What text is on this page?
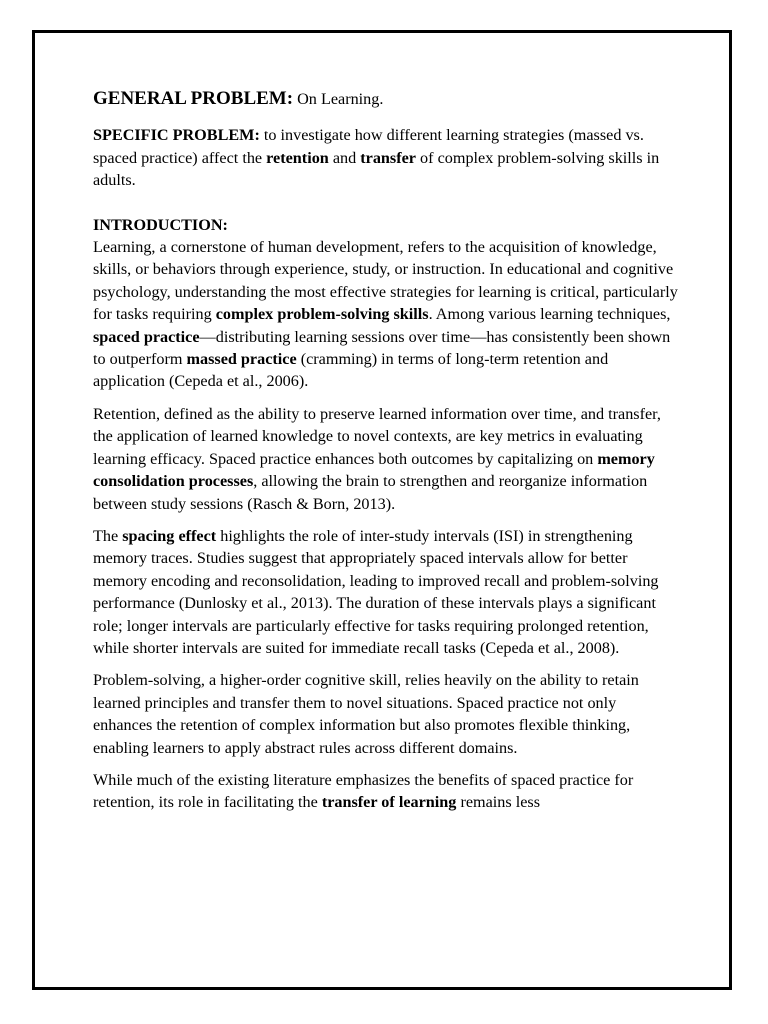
GENERAL PROBLEM: On Learning.

SPECIFIC PROBLEM: to investigate how different learning strategies (massed vs. spaced practice) affect the retention and transfer of complex problem-solving skills in adults.

INTRODUCTION:

Learning, a cornerstone of human development, refers to the acquisition of knowledge, skills, or behaviors through experience, study, or instruction. In educational and cognitive psychology, understanding the most effective strategies for learning is critical, particularly for tasks requiring complex problem-solving skills. Among various learning techniques, spaced practice—distributing learning sessions over time—has consistently been shown to outperform massed practice (cramming) in terms of long-term retention and application (Cepeda et al., 2006).

Retention, defined as the ability to preserve learned information over time, and transfer, the application of learned knowledge to novel contexts, are key metrics in evaluating learning efficacy. Spaced practice enhances both outcomes by capitalizing on memory consolidation processes, allowing the brain to strengthen and reorganize information between study sessions (Rasch & Born, 2013).

The spacing effect highlights the role of inter-study intervals (ISI) in strengthening memory traces. Studies suggest that appropriately spaced intervals allow for better memory encoding and reconsolidation, leading to improved recall and problem-solving performance (Dunlosky et al., 2013). The duration of these intervals plays a significant role; longer intervals are particularly effective for tasks requiring prolonged retention, while shorter intervals are suited for immediate recall tasks (Cepeda et al., 2008).

Problem-solving, a higher-order cognitive skill, relies heavily on the ability to retain learned principles and transfer them to novel situations. Spaced practice not only enhances the retention of complex information but also promotes flexible thinking, enabling learners to apply abstract rules across different domains.

While much of the existing literature emphasizes the benefits of spaced practice for retention, its role in facilitating the transfer of learning remains less
